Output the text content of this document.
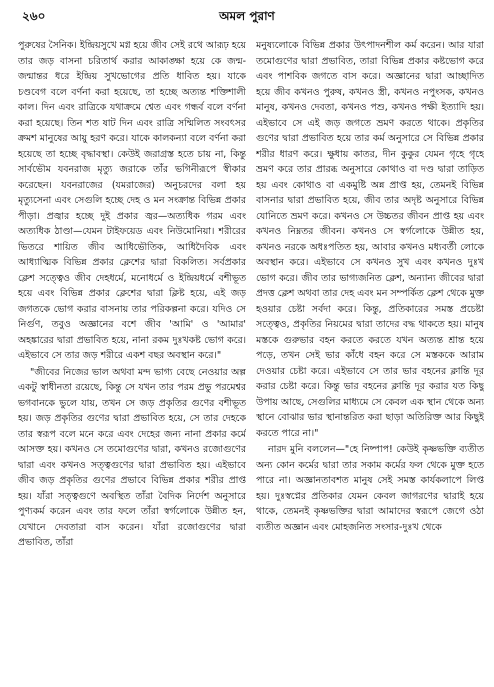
২৬০	অমল পুরাণ

পুরুষের সৈনিক। ইন্দ্রিয়সুখে মগ্ন হয়ে জীব সেই রথে আরূঢ় হয়ে তার জড় বাসনা চরিতার্থ করার আকাঙ্ক্ষা হয়ে কে জন্ম-জন্মান্তর ধরে ইন্দ্রিয় সুখভোগের প্রতি ধাবিত হয়। যাকে চণ্ডবেগ বলে বর্ণনা করা হয়েছে, তা হচ্ছে অত্যন্ত শক্তিশালী কাল। দিন এবং রাত্রিকে যথাক্রমে শ্বেত এবং গন্ধর্ব বলে বর্ণনা করা হয়েছে। তিন শত ষাট দিন এবং রাত্রি সম্মিলিত সংবৎসর ক্রমশ মানুষের আয়ু হরণ করে। যাকে কালকন্যা বলে বর্ণনা করা হয়েছে তা হচ্ছে বৃদ্ধাবস্থা। কেউই জরাগ্রস্ত হতে চায় না, কিন্তু সার্বভৌম যবনরাজ মৃত্যু জরাকে তাঁর ভগিনীরূপে স্বীকার করেছেন। যবনরাজের (যমরাজের) অনুচরদের বলা হয় মৃত্যুসেনা এবং সেগুলি হচ্ছে দেহ ও মন সংক্রান্ত বিভিন্ন প্রকার পীড়া। প্রজ্বার হচ্ছে দুই প্রকার জ্বর—অত্যধিক গরম এবং অত্যধিক ঠাণ্ডা—যেমন টাইফয়েড এবং নিউমোনিয়া। শরীরের ভিতরে শায়িত জীব আধিভৌতিক, আধিদৈবিক এবং আধ্যাত্মিক বিভিন্ন প্রকার ক্লেশের দ্বারা বিকলিত। সর্বপ্রকার ক্লেশ সত্ত্বেও জীব দেহধর্মে, মনোধর্মে ও ইন্দ্রিয়ধর্মে বশীভূত হয়ে এবং বিভিন্ন প্রকার ক্লেশের দ্বারা ক্লিষ্ট হয়ে, এই জড় জগতকে ভোগ করার বাসনায় তার পরিকল্পনা করে। যদিও সে নির্গুণ, তবুও অজ্ঞানের বশে জীব 'আমি' ও 'আমার' অহঙ্কারের দ্বারা প্রভাবিত হয়ে, নানা রকম দুঃখকষ্ট ভোগ করে। এইভাবে সে তার জড় শরীরে একশ বছর অবস্থান করে।"

"জীবের নিজের ভাল অথবা মন্দ ভাগ্য বেছে নেওয়ার অল্প একটু স্বাধীনতা রয়েছে, কিন্তু সে যখন তার পরম প্রভু পরমেশ্বর ভগবানকে ভুলে যায়, তখন সে জড় প্রকৃতির গুণের বশীভূত হয়। জড় প্রকৃতির গুণের দ্বারা প্রভাবিত হয়ে, সে তার দেহকে তার স্বরূপ বলে মনে করে এবং দেহের জন্য নানা প্রকার কর্মে আসক্ত হয়। কখনও সে তমোগুণের দ্বারা, কখনও রজোগুণের দ্বারা এবং কখনও সত্ত্বগুণের দ্বারা প্রভাবিত হয়। এইভাবে জীব জড় প্রকৃতির গুণের প্রভাবে বিভিন্ন প্রকার শরীর প্রাপ্ত হয়। যাঁরা সত্ত্বগুণে অবস্থিত তাঁরা বৈদিক নির্দেশ অনুসারে পুণ্যকর্ম করেন এবং তার ফলে তাঁরা স্বর্গলোকে উন্নীত হন, যেখানে দেবতারা বাস করেন। যাঁরা রজোগুণের দ্বারা প্রভাবিত, তাঁরা

মনুষ্যলোকে বিভিন্ন প্রকার উৎপাদনশীল কর্ম করেন। আর যারা তমোগুণের দ্বারা প্রভাবিত, তারা বিভিন্ন প্রকার কষ্টভোগ করে এবং পাশবিক জগতে বাস করে। অজ্ঞানের দ্বারা আচ্ছাদিত হয়ে জীব কখনও পুরুষ, কখনও স্ত্রী, কখনও নপুংসক, কখনও মানুষ, কখনও দেবতা, কখনও পশু, কখনও পক্ষী ইত্যাদি হয়। এইভাবে সে এই জড় জগতে ভ্রমণ করতে থাকে। প্রকৃতির গুণের দ্বারা প্রভাবিত হয়ে তার কর্ম অনুসারে সে বিভিন্ন প্রকার শরীর ধারণ করে। ক্ষুধায় কাতর, দীন কুকুর যেমন গৃহে গৃহে ভ্রমণ করে তার প্রারব্ধ অনুসারে কোথাও বা দণ্ড দ্বারা তাড়িত হয় এবং কোথাও বা একমুষ্টি অন্ন প্রাপ্ত হয়, তেমনই বিভিন্ন বাসনার দ্বারা প্রভাবিত হয়ে, জীব তার অদৃষ্ট অনুসারে বিভিন্ন যোনিতে ভ্রমণ করে। কখনও সে উচ্চতর জীবন প্রাপ্ত হয় এবং কখনও নিম্নতর জীবন। কখনও সে স্বর্গলোকে উন্নীত হয়, কখনও নরকে অধঃপতিত হয়, আবার কখনও মধ্যবর্তী লোকে অবস্থান করে। এইভাবে সে কখনও সুখ এবং কখনও দুঃখ ভোগ করে। জীব তার ভাগ্যজনিত ক্লেশ, অন্যান্য জীবের দ্বারা প্রদত্ত ক্লেশ অথবা তার দেহ এবং মন সম্পর্কিত ক্লেশ থেকে মুক্ত হওয়ার চেষ্টা সর্বদা করে। কিন্তু, প্রতিকারের সমস্ত প্রচেষ্টা সত্ত্বেও, প্রকৃতির নিয়মের দ্বারা তাদের বদ্ধ থাকতে হয়। মানুষ মস্তকে গুরুভার বহন করতে করতে যখন অত্যন্ত শ্রান্ত হয়ে পড়ে, তখন সেই ভার কাঁধে বহন করে সে মস্তককে আরাম দেওয়ার চেষ্টা করে। এইভাবে সে তার ভার বহনের ক্লান্তি দূর করার চেষ্টা করে। কিন্তু ভার বহনের ক্লান্তি দূর করার যত কিছু উপায় আছে, সেগুলির মাধ্যমে সে কেবল এক স্থান থেকে অন্য স্থানে বোঝার ভার স্থানান্তরিত করা ছাড়া অতিরিক্ত আর কিছুই করতে পারে না।"

নারদ মুনি বললেন—"হে নিষ্পাপ! কেউই কৃষ্ণভক্তি ব্যতীত অন্য কোন কর্মের দ্বারা তার সকাম কর্মের ফল থেকে মুক্ত হতে পারে না। অজ্ঞানতাবশত মানুষ সেই সমস্ত কার্যকলাপে লিপ্ত হয়। দুঃস্বপ্নের প্রতিকার যেমন কেবল জাগরণের দ্বারাই হয়ে থাকে, তেমনই কৃষ্ণভক্তির দ্বারা আমাদের স্বরূপে জেগে ওঠা ব্যতীত অজ্ঞান এবং মোহজনিত সংসার-দুঃখ থেকে
